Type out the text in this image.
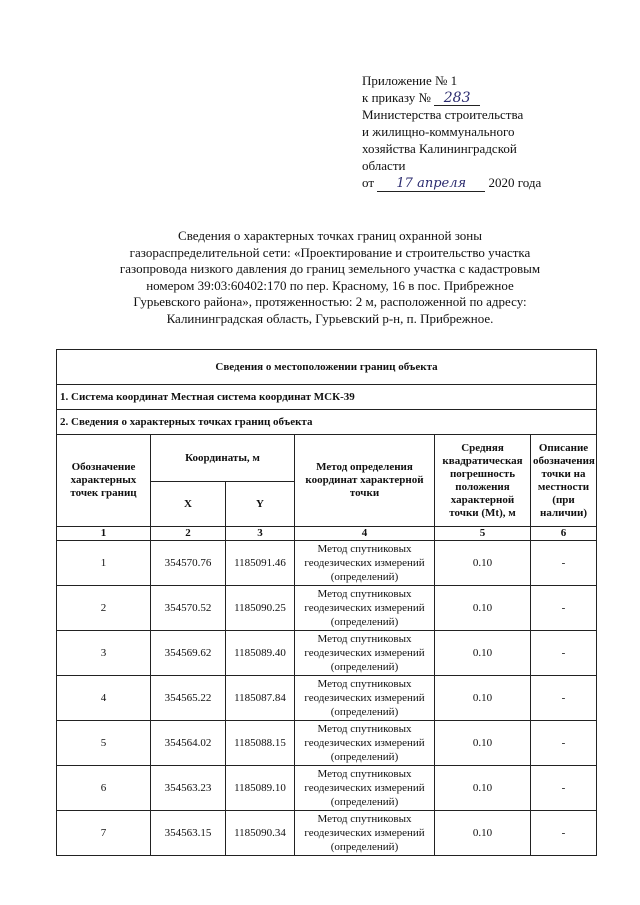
Приложение № 1
к приказу № 283
Министерства строительства
и жилищно-коммунального
хозяйства Калининградской
области
от 17 апреля 2020 года
Сведения о характерных точках границ охранной зоны
газораспределительной сети: «Проектирование и строительство участка
газопровода низкого давления до границ земельного участка с кадастровым
номером 39:03:60402:170 по пер. Красному, 16 в пос. Прибрежное
Гурьевского района», протяженностью: 2 м, расположенной по адресу:
Калининградская область, Гурьевский р-н, п. Прибрежное.
Сведения о местоположении границ объекта					
1. Система координат Местная система координат МСК-39					
2. Сведения о характерных точках границ объекта					
Обозначение характерных точек границ	Координаты, м		Метод определения координат характерной точки	Средняя квадратическая погрешность положения характерной точки (Mt), м	Описание обозначения точки на местности (при наличии)
	X	Y			
1	2	3	4	5	6
1	354570.76	1185091.46	Метод спутниковых геодезических измерений (определений)	0.10	-
2	354570.52	1185090.25	Метод спутниковых геодезических измерений (определений)	0.10	-
3	354569.62	1185089.40	Метод спутниковых геодезических измерений (определений)	0.10	-
4	354565.22	1185087.84	Метод спутниковых геодезических измерений (определений)	0.10	-
5	354564.02	1185088.15	Метод спутниковых геодезических измерений (определений)	0.10	-
6	354563.23	1185089.10	Метод спутниковых геодезических измерений (определений)	0.10	-
7	354563.15	1185090.34	Метод спутниковых геодезических измерений (определений)	0.10	-
